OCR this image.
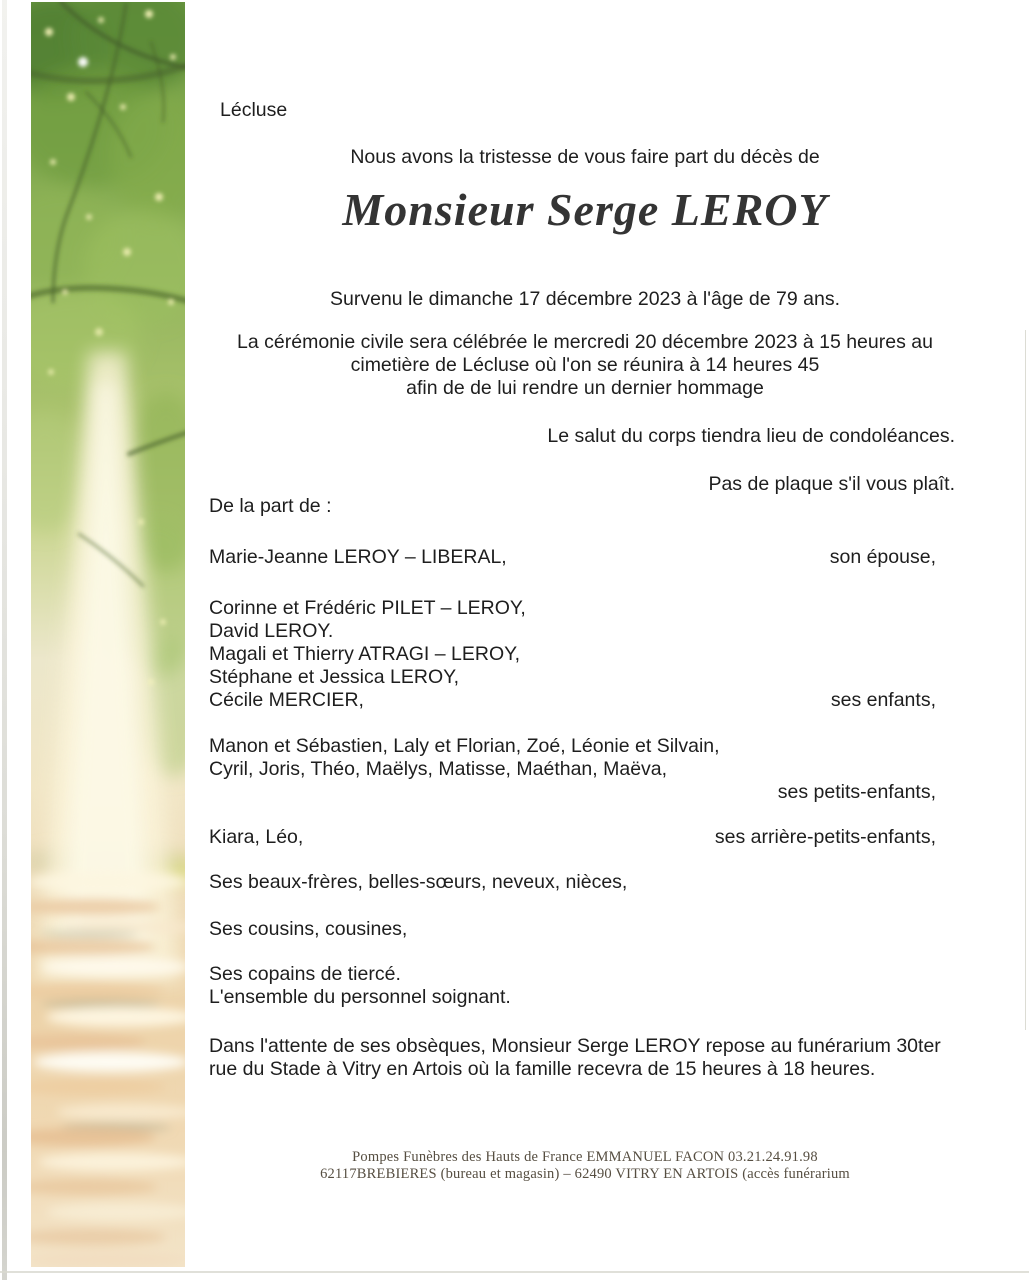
Lécluse
Nous avons la tristesse de vous faire part du décès de
Monsieur Serge LEROY
Survenu le dimanche 17 décembre 2023 à l'âge de 79 ans.
La cérémonie civile sera célébrée le mercredi 20 décembre 2023 à 15 heures au
cimetière de Lécluse où l'on se réunira à 14 heures 45
afin de de lui rendre un dernier hommage
Le salut du corps tiendra lieu de condoléances.
Pas de plaque s'il vous plaît.
De la part de :
Marie-Jeanne LEROY – LIBERAL,	son épouse,
Corinne et Frédéric PILET – LEROY,
David LEROY.
Magali et Thierry ATRAGI – LEROY,
Stéphane et Jessica LEROY,
Cécile MERCIER,	ses enfants,
Manon et Sébastien, Laly et Florian, Zoé, Léonie et Silvain,
Cyril, Joris, Théo, Maëlys, Matisse, Maéthan, Maëva,
ses petits-enfants,
Kiara, Léo,	ses arrière-petits-enfants,
Ses beaux-frères, belles-sœurs, neveux, nièces,
Ses cousins, cousines,
Ses copains de tiercé.
L'ensemble du personnel soignant.
Dans l'attente de ses obsèques, Monsieur Serge LEROY repose au funérarium 30ter
rue du Stade à Vitry en Artois où la famille recevra de 15 heures à 18 heures.
Pompes Funèbres des Hauts de France EMMANUEL FACON 03.21.24.91.98
62117BREBIERES (bureau et magasin) – 62490 VITRY EN ARTOIS (accès funérarium
